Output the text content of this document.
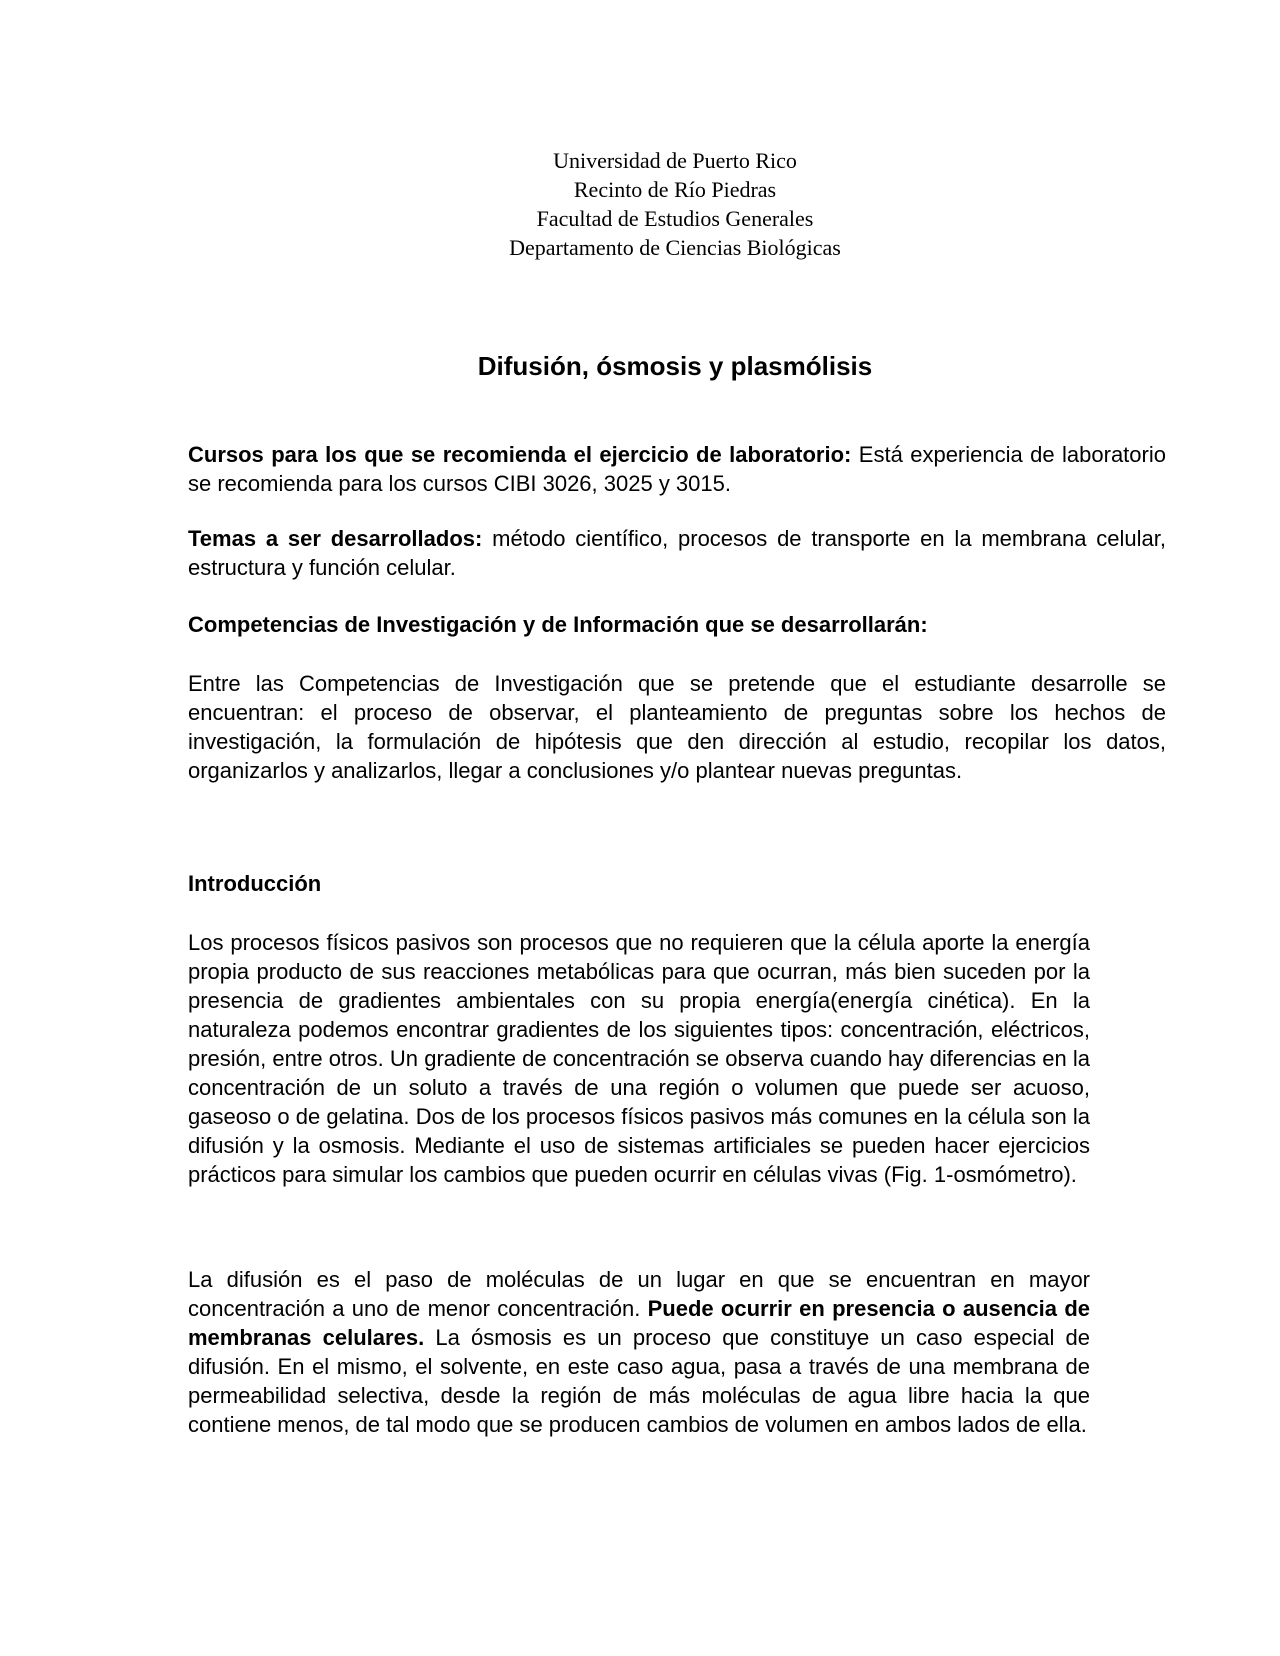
Universidad de Puerto Rico
Recinto de Río Piedras
Facultad de Estudios Generales
Departamento de Ciencias Biológicas
Difusión, ósmosis y plasmólisis
Cursos para los que se recomienda el ejercicio de laboratorio: Está experiencia de laboratorio se recomienda para los cursos CIBI 3026, 3025 y 3015.
Temas a ser desarrollados: método científico, procesos de transporte en la membrana celular, estructura y función celular.
Competencias de Investigación y de Información que se desarrollarán:
Entre las Competencias de Investigación que se pretende que el estudiante desarrolle se encuentran: el proceso de observar, el planteamiento de preguntas sobre los hechos de investigación, la formulación de hipótesis que den dirección al estudio, recopilar los datos, organizarlos y analizarlos, llegar a conclusiones y/o plantear nuevas preguntas.
Introducción
Los procesos físicos pasivos son procesos que no requieren que la célula aporte la energía propia producto de sus reacciones metabólicas para que ocurran, más bien suceden por la presencia de gradientes ambientales con su propia energía(energía cinética). En la naturaleza podemos encontrar gradientes de los siguientes tipos: concentración, eléctricos, presión, entre otros. Un gradiente de concentración se observa cuando hay diferencias en la concentración de un soluto a través de una región o volumen que puede ser acuoso, gaseoso o de gelatina. Dos de los procesos físicos pasivos más comunes en la célula son la difusión y la osmosis. Mediante el uso de sistemas artificiales se pueden hacer ejercicios prácticos para simular los cambios que pueden ocurrir en células vivas (Fig. 1-osmómetro).
La difusión es el paso de moléculas de un lugar en que se encuentran en mayor concentración a uno de menor concentración. Puede ocurrir en presencia o ausencia de membranas celulares. La ósmosis es un proceso que constituye un caso especial de difusión. En el mismo, el solvente, en este caso agua, pasa a través de una membrana de permeabilidad selectiva, desde la región de más moléculas de agua libre hacia la que contiene menos, de tal modo que se producen cambios de volumen en ambos lados de ella.
